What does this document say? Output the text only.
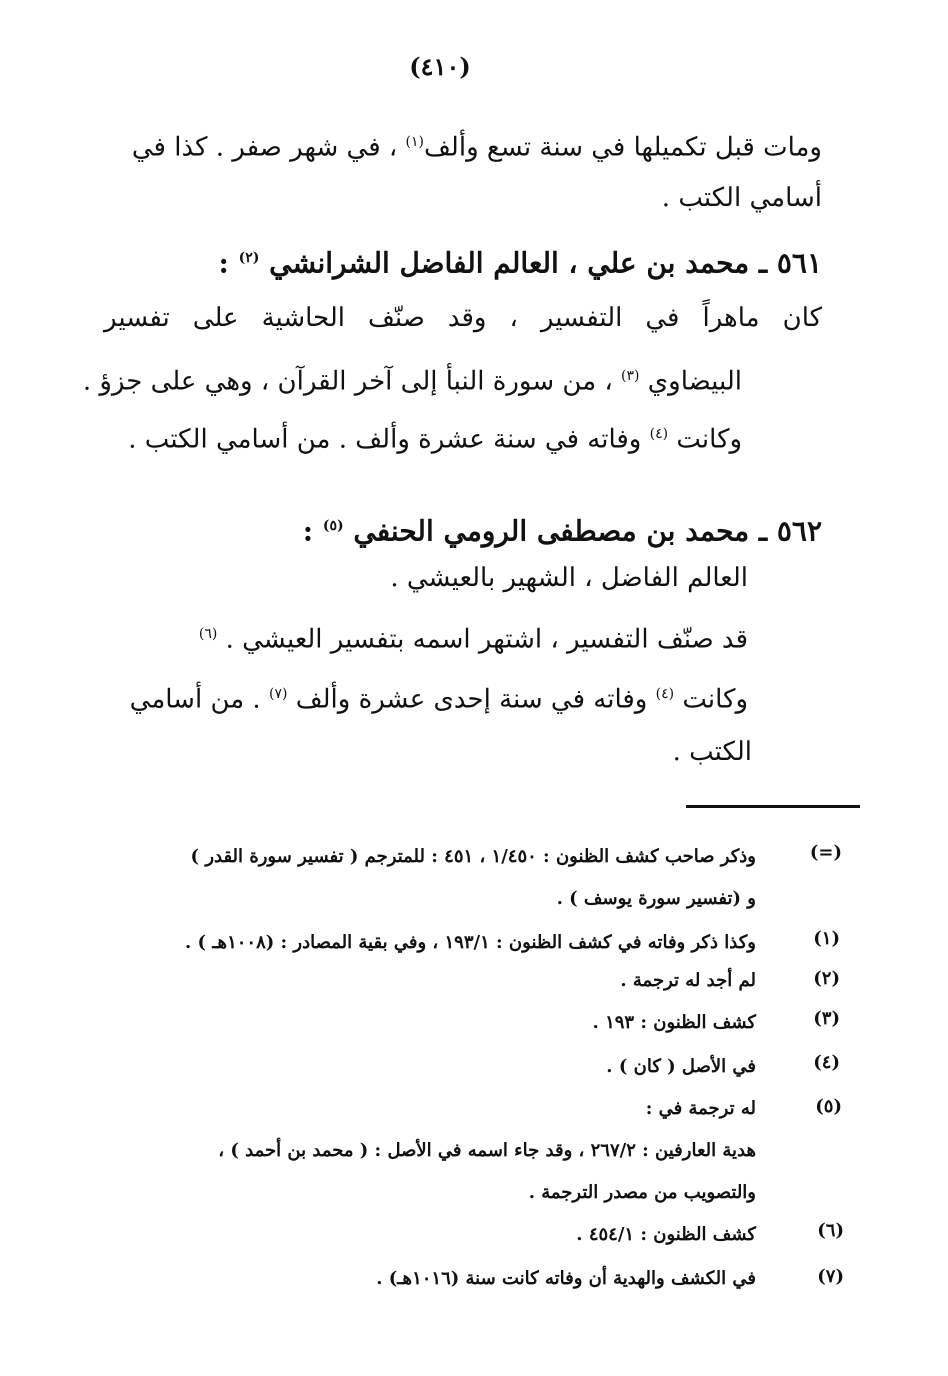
(٤١٠)
ومات قبل تكميلها في سنة تسع وألف$^{(١)}$ ، في شهر صفر . كذا في
أسامي الكتب .
٥٦١ ـ محمد بن علي ، العالم الفاضل الشرانشي $^{(٢)}$ :
كان ماهراً في التفسير ، وقد صنّف الحاشية على تفسير
البيضاوي $^{(٣)}$ ، من سورة النبأ إلى آخر القرآن ، وهي على جزؤ .
وكانت $^{(٤)}$ وفاته في سنة عشرة وألف . من أسامي الكتب .
٥٦٢ ـ محمد بن مصطفى الرومي الحنفي $^{(٥)}$ :
العالم الفاضل ، الشهير بالعيشي .
قد صنّف التفسير ، اشتهر اسمه بتفسير العيشي . $^{(٦)}$
وكانت $^{(٤)}$ وفاته في سنة إحدى عشرة وألف $^{(٧)}$ . من أسامي
الكتب .
(=)
وذكر صاحب كشف الظنون : ١/٤٥٠ ، ٤٥١ : للمترجم ( تفسير سورة القدر )
و (تفسير سورة يوسف ) .
(١)
وكذا ذكر وفاته في كشف الظنون : ١٩٣/١ ، وفي بقية المصادر : (١٠٠٨هـ ) .
(٢)
لم أجد له ترجمة .
(٣)
كشف الظنون : ١٩٣ .
(٤)
في الأصل ( كان ) .
(٥)
له ترجمة في :
هدية العارفين : ٢٦٧/٢ ، وقد جاء اسمه في الأصل : ( محمد بن أحمد ) ،
والتصويب من مصدر الترجمة .
(٦)
كشف الظنون : ٤٥٤/١ .
(٧)
في الكشف والهدية أن وفاته كانت سنة (١٠١٦هـ) .
